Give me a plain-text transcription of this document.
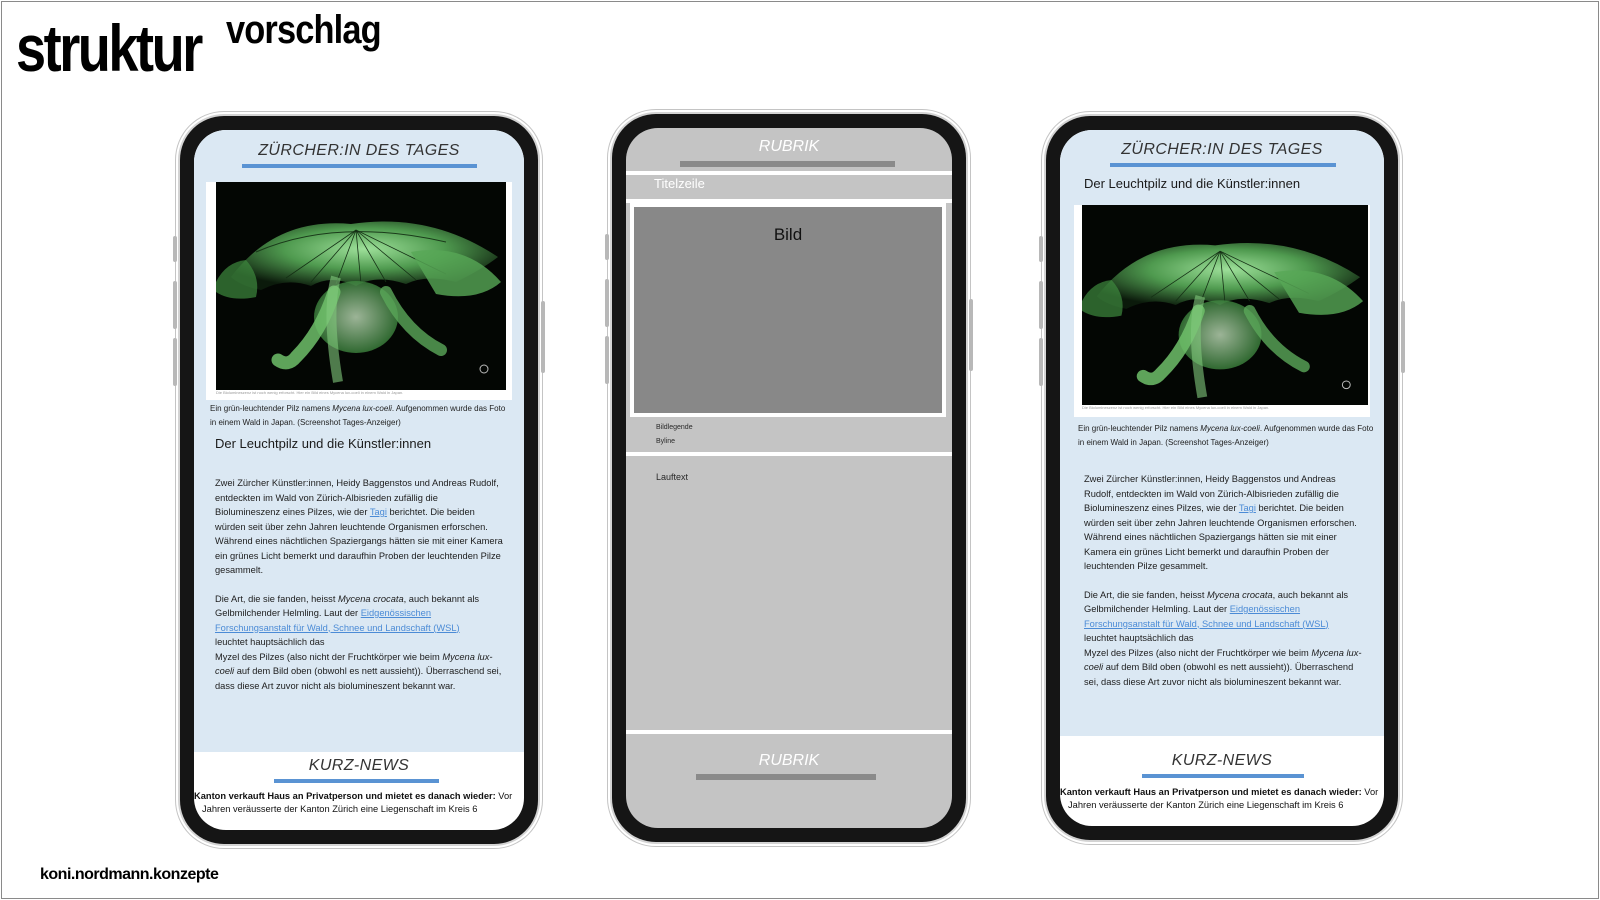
struktur vorschlag
ZÜRCHER:IN DES TAGES
Die Biolumineszenz ist noch wenig erforscht. Hier ein Bild eines Mycena lux-coeli in einem Wald in Japan.
Ein grün-leuchtender Pilz namens Mycena lux-coeli. Aufgenommen wurde das Foto in einem Wald in Japan. (Screenshot Tages-Anzeiger)
Der Leuchtpilz und die Künstler:innen

Zwei Zürcher Künstler:innen, Heidy Baggenstos und Andreas Rudolf, entdeckten im Wald von Zürich-Albisrieden zufällig die Biolumineszenz eines Pilzes, wie der Tagi berichtet. Die beiden würden seit über zehn Jahren leuchtende Organismen erforschen. Während eines nächtlichen Spaziergangs hätten sie mit einer Kamera ein grünes Licht bemerkt und daraufhin Proben der leuchtenden Pilze gesammelt.

Die Art, die sie fanden, heisst Mycena crocata, auch bekannt als Gelbmilchender Helmling. Laut der Eidgenössischen Forschungsanstalt für Wald, Schnee und Landschaft (WSL)
leuchtet hauptsächlich das
Myzel des Pilzes (also nicht der Fruchtkörper wie beim Mycena lux-coeli auf dem Bild oben (obwohl es nett aussieht)). Überraschend sei, dass diese Art zuvor nicht als biolumineszent bekannt war.

KURZ-NEWS
Kanton verkauft Haus an Privatperson und mietet es danach wieder: Vor
Jahren veräusserte der Kanton Zürich eine Liegenschaft im Kreis 6
RUBRIK
Titelzeile
Bild
Bildlegende
Byline
Lauftext
RUBRIK
ZÜRCHER:IN DES TAGES
Der Leuchtpilz und die Künstler:innen
Die Biolumineszenz ist noch wenig erforscht. Hier ein Bild eines Mycena lux-coeli in einem Wald in Japan.
Ein grün-leuchtender Pilz namens Mycena lux-coeli. Aufgenommen wurde das Foto in einem Wald in Japan. (Screenshot Tages-Anzeiger)

Zwei Zürcher Künstler:innen, Heidy Baggenstos und Andreas Rudolf, entdeckten im Wald von Zürich-Albisrieden zufällig die Biolumineszenz eines Pilzes, wie der Tagi berichtet. Die beiden würden seit über zehn Jahren leuchtende Organismen erforschen. Während eines nächtlichen Spaziergangs hätten sie mit einer Kamera ein grünes Licht bemerkt und daraufhin Proben der leuchtenden Pilze gesammelt.

Die Art, die sie fanden, heisst Mycena crocata, auch bekannt als Gelbmilchender Helmling. Laut der Eidgenössischen Forschungsanstalt für Wald, Schnee und Landschaft (WSL)
leuchtet hauptsächlich das
Myzel des Pilzes (also nicht der Fruchtkörper wie beim Mycena lux-coeli auf dem Bild oben (obwohl es nett aussieht)). Überraschend sei, dass diese Art zuvor nicht als biolumineszent bekannt war.

KURZ-NEWS
Kanton verkauft Haus an Privatperson und mietet es danach wieder: Vor
Jahren veräusserte der Kanton Zürich eine Liegenschaft im Kreis 6
koni.nordmann.konzepte
